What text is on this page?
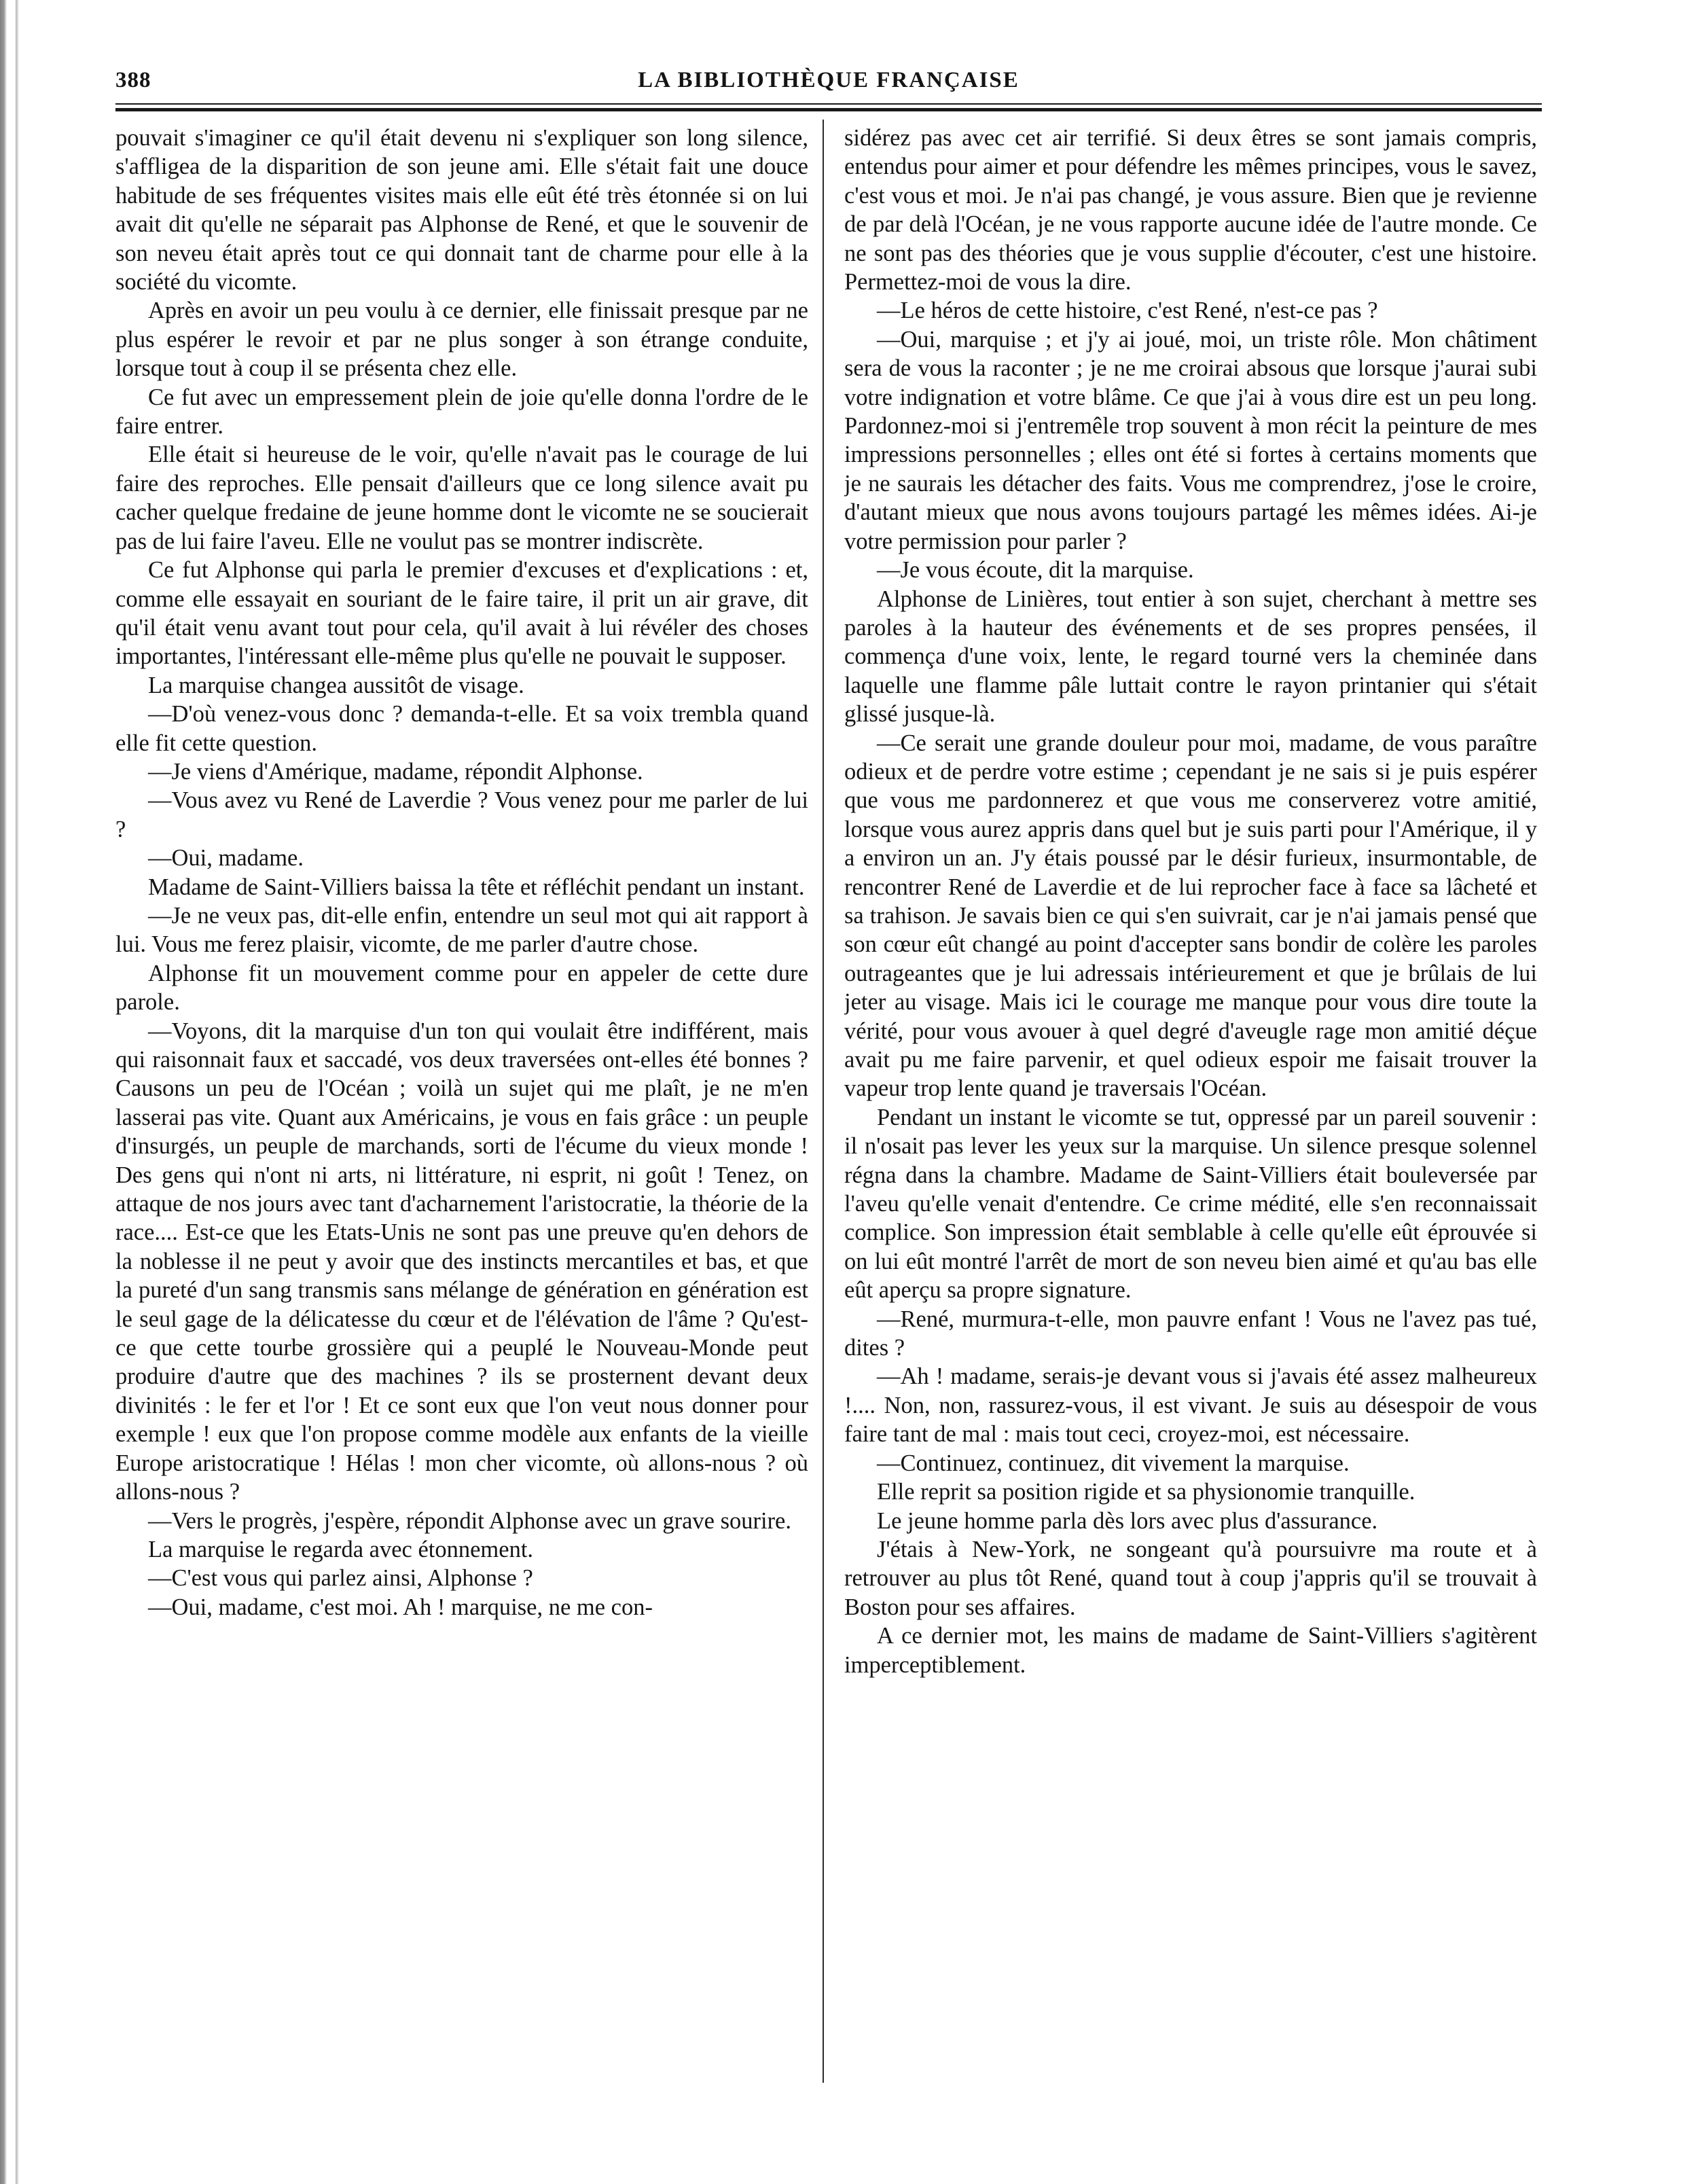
388	LA BIBLIOTHÈQUE FRANÇAISE

pouvait s'imaginer ce qu'il était devenu ni s'expliquer son long silence, s'affligea de la disparition de son jeune ami. Elle s'était fait une douce habitude de ses fréquentes visites mais elle eût été très étonnée si on lui avait dit qu'elle ne séparait pas Alphonse de René, et que le souvenir de son neveu était après tout ce qui donnait tant de charme pour elle à la société du vicomte.

Après en avoir un peu voulu à ce dernier, elle finissait presque par ne plus espérer le revoir et par ne plus songer à son étrange conduite, lorsque tout à coup il se présenta chez elle.

Ce fut avec un empressement plein de joie qu'elle donna l'ordre de le faire entrer.

Elle était si heureuse de le voir, qu'elle n'avait pas le courage de lui faire des reproches. Elle pensait d'ailleurs que ce long silence avait pu cacher quelque fredaine de jeune homme dont le vicomte ne se soucierait pas de lui faire l'aveu. Elle ne voulut pas se montrer indiscrète.

Ce fut Alphonse qui parla le premier d'excuses et d'explications : et, comme elle essayait en souriant de le faire taire, il prit un air grave, dit qu'il était venu avant tout pour cela, qu'il avait à lui révéler des choses importantes, l'intéressant elle-même plus qu'elle ne pouvait le supposer.

La marquise changea aussitôt de visage.

—D'où venez-vous donc ? demanda-t-elle. Et sa voix trembla quand elle fit cette question.

—Je viens d'Amérique, madame, répondit Alphonse.

—Vous avez vu René de Laverdie ? Vous venez pour me parler de lui ?

—Oui, madame.

Madame de Saint-Villiers baissa la tête et réfléchit pendant un instant.

—Je ne veux pas, dit-elle enfin, entendre un seul mot qui ait rapport à lui. Vous me ferez plaisir, vicomte, de me parler d'autre chose.

Alphonse fit un mouvement comme pour en appeler de cette dure parole.

—Voyons, dit la marquise d'un ton qui voulait être indifférent, mais qui raisonnait faux et saccadé, vos deux traversées ont-elles été bonnes ? Causons un peu de l'Océan ; voilà un sujet qui me plaît, je ne m'en lasserai pas vite. Quant aux Américains, je vous en fais grâce : un peuple d'insurgés, un peuple de marchands, sorti de l'écume du vieux monde ! Des gens qui n'ont ni arts, ni littérature, ni esprit, ni goût ! Tenez, on attaque de nos jours avec tant d'acharnement l'aristocratie, la théorie de la race.... Est-ce que les Etats-Unis ne sont pas une preuve qu'en dehors de la noblesse il ne peut y avoir que des instincts mercantiles et bas, et que la pureté d'un sang transmis sans mélange de génération en génération est le seul gage de la délicatesse du cœur et de l'élévation de l'âme ? Qu'est-ce que cette tourbe grossière qui a peuplé le Nouveau-Monde peut produire d'autre que des machines ? ils se prosternent devant deux divinités : le fer et l'or ! Et ce sont eux que l'on veut nous donner pour exemple ! eux que l'on propose comme modèle aux enfants de la vieille Europe aristocratique ! Hélas ! mon cher vicomte, où allons-nous ? où allons-nous ?

—Vers le progrès, j'espère, répondit Alphonse avec un grave sourire.

La marquise le regarda avec étonnement.

—C'est vous qui parlez ainsi, Alphonse ?

—Oui, madame, c'est moi. Ah ! marquise, ne me con-

sidérez pas avec cet air terrifié. Si deux êtres se sont jamais compris, entendus pour aimer et pour défendre les mêmes principes, vous le savez, c'est vous et moi. Je n'ai pas changé, je vous assure. Bien que je revienne de par delà l'Océan, je ne vous rapporte aucune idée de l'autre monde. Ce ne sont pas des théories que je vous supplie d'écouter, c'est une histoire. Permettez-moi de vous la dire.

—Le héros de cette histoire, c'est René, n'est-ce pas ?

—Oui, marquise ; et j'y ai joué, moi, un triste rôle. Mon châtiment sera de vous la raconter ; je ne me croirai absous que lorsque j'aurai subi votre indignation et votre blâme. Ce que j'ai à vous dire est un peu long. Pardonnez-moi si j'entremêle trop souvent à mon récit la peinture de mes impressions personnelles ; elles ont été si fortes à certains moments que je ne saurais les détacher des faits. Vous me comprendrez, j'ose le croire, d'autant mieux que nous avons toujours partagé les mêmes idées. Ai-je votre permission pour parler ?

—Je vous écoute, dit la marquise.

Alphonse de Linières, tout entier à son sujet, cherchant à mettre ses paroles à la hauteur des événements et de ses propres pensées, il commença d'une voix, lente, le regard tourné vers la cheminée dans laquelle une flamme pâle luttait contre le rayon printanier qui s'était glissé jusque-là.

—Ce serait une grande douleur pour moi, madame, de vous paraître odieux et de perdre votre estime ; cependant je ne sais si je puis espérer que vous me pardonnerez et que vous me conserverez votre amitié, lorsque vous aurez appris dans quel but je suis parti pour l'Amérique, il y a environ un an. J'y étais poussé par le désir furieux, insurmontable, de rencontrer René de Laverdie et de lui reprocher face à face sa lâcheté et sa trahison. Je savais bien ce qui s'en suivrait, car je n'ai jamais pensé que son cœur eût changé au point d'accepter sans bondir de colère les paroles outrageantes que je lui adressais intérieurement et que je brûlais de lui jeter au visage. Mais ici le courage me manque pour vous dire toute la vérité, pour vous avouer à quel degré d'aveugle rage mon amitié déçue avait pu me faire parvenir, et quel odieux espoir me faisait trouver la vapeur trop lente quand je traversais l'Océan.

Pendant un instant le vicomte se tut, oppressé par un pareil souvenir : il n'osait pas lever les yeux sur la marquise. Un silence presque solennel régna dans la chambre. Madame de Saint-Villiers était bouleversée par l'aveu qu'elle venait d'entendre. Ce crime médité, elle s'en reconnaissait complice. Son impression était semblable à celle qu'elle eût éprouvée si on lui eût montré l'arrêt de mort de son neveu bien aimé et qu'au bas elle eût aperçu sa propre signature.

—René, murmura-t-elle, mon pauvre enfant ! Vous ne l'avez pas tué, dites ?

—Ah ! madame, serais-je devant vous si j'avais été assez malheureux !.... Non, non, rassurez-vous, il est vivant. Je suis au désespoir de vous faire tant de mal : mais tout ceci, croyez-moi, est nécessaire.

—Continuez, continuez, dit vivement la marquise.

Elle reprit sa position rigide et sa physionomie tranquille.

Le jeune homme parla dès lors avec plus d'assurance.

J'étais à New-York, ne songeant qu'à poursuivre ma route et à retrouver au plus tôt René, quand tout à coup j'appris qu'il se trouvait à Boston pour ses affaires.

A ce dernier mot, les mains de madame de Saint-Villiers s'agitèrent imperceptiblement.
